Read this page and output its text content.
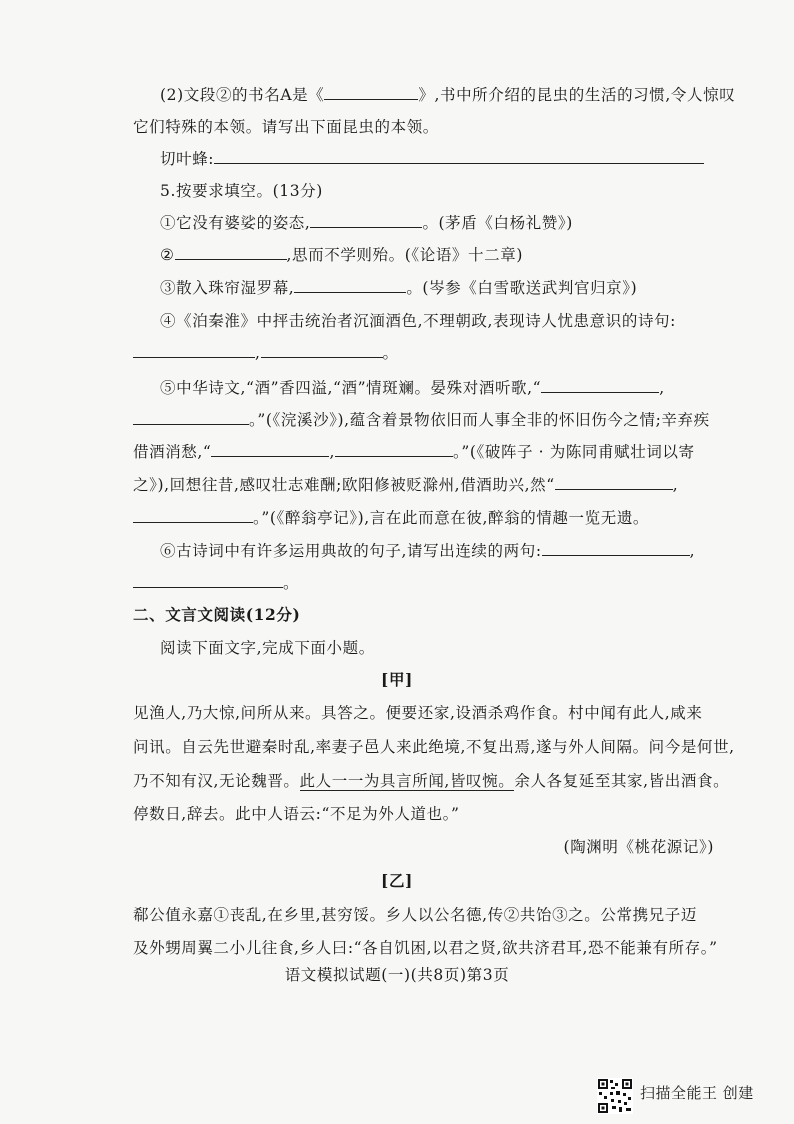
(2)文段②的书名A是《	》,书中所介绍的昆虫的生活的习惯,令人惊叹
它们特殊的本领。请写出下面昆虫的本领。
切叶蜂:
5.按要求填空。(13分)
①它没有婆娑的姿态,	。(茅盾《白杨礼赞》)
②	,思而不学则殆。(《论语》十二章)
③散入珠帘湿罗幕,	。(岑参《白雪歌送武判官归京》)
④《泊秦淮》中抨击统治者沉湎酒色,不理朝政,表现诗人忧患意识的诗句:
,	。
⑤中华诗文,“酒”香四溢,“酒”情斑斓。晏殊对酒听歌,“	,
。”(《浣溪沙》),蕴含着景物依旧而人事全非的怀旧伤今之情;辛弃疾
借酒消愁,“	,	。”(《破阵子 · 为陈同甫赋壮词以寄
之》),回想往昔,感叹壮志难酬;欧阳修被贬滁州,借酒助兴,然“	,
。”(《醉翁亭记》),言在此而意在彼,醉翁的情趣一览无遗。
⑥古诗词中有许多运用典故的句子,请写出连续的两句:	,
。
二、文言文阅读(12分)
阅读下面文字,完成下面小题。
[甲]
见渔人,乃大惊,问所从来。具答之。便要还家,设酒杀鸡作食。村中闻有此人,咸来
问讯。自云先世避秦时乱,率妻子邑人来此绝境,不复出焉,遂与外人间隔。问今是何世,
乃不知有汉,无论魏晋。此人一一为具言所闻,皆叹惋。余人各复延至其家,皆出酒食。
停数日,辞去。此中人语云:“不足为外人道也。”
(陶渊明《桃花源记》)
[乙]
郗公值永嘉①丧乱,在乡里,甚穷馁。乡人以公名德,传②共饴③之。公常携兄子迈
及外甥周翼二小儿往食,乡人曰:“各自饥困,以君之贤,欲共济君耳,恐不能兼有所存。”
语文模拟试题(一)(共8页)第3页
扫描全能王 创建
